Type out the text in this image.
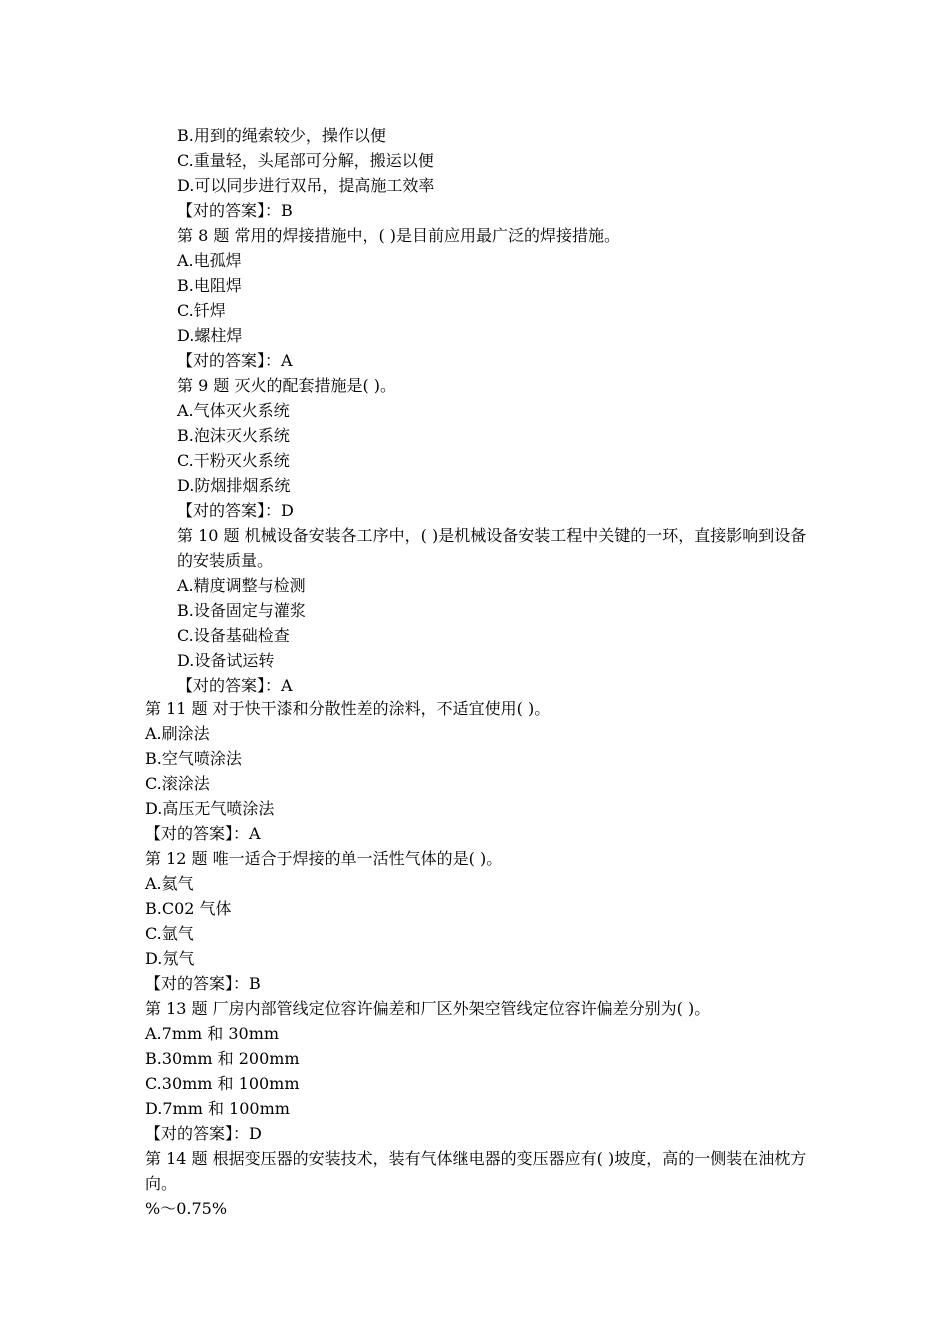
B.用到的绳索较少，操作以便
C.重量轻，头尾部可分解，搬运以便
D.可以同步进行双吊，提高施工效率
【对的答案】：B
第 8 题 常用的焊接措施中，( )是目前应用最广泛的焊接措施。
A.电孤焊
B.电阻焊
C.钎焊
D.螺柱焊
【对的答案】：A
第 9 题 灭火的配套措施是( )。
A.气体灭火系统
B.泡沫灭火系统
C.干粉灭火系统
D.防烟排烟系统
【对的答案】：D
第 10 题 机械设备安装各工序中，( )是机械设备安装工程中关键的一环，直接影响到设备的安装质量。
A.精度调整与检测
B.设备固定与灌浆
C.设备基础检查
D.设备试运转
【对的答案】：A
第 11 题 对于快干漆和分散性差的涂料，不适宜使用( )。
A.刷涂法
B.空气喷涂法
C.滚涂法
D.高压无气喷涂法
【对的答案】：A
第 12 题 唯一适合于焊接的单一活性气体的是( )。
A.氦气
B.C02 气体
C.氩气
D.氖气
【对的答案】：B
第 13 题 厂房内部管线定位容许偏差和厂区外架空管线定位容许偏差分别为( )。
A.7mm 和 30mm
B.30mm 和 200mm
C.30mm 和 100mm
D.7mm 和 100mm
【对的答案】：D
第 14 题 根据变压器的安装技术，装有气体继电器的变压器应有( )坡度，高的一侧装在油枕方向。
%～0.75%
